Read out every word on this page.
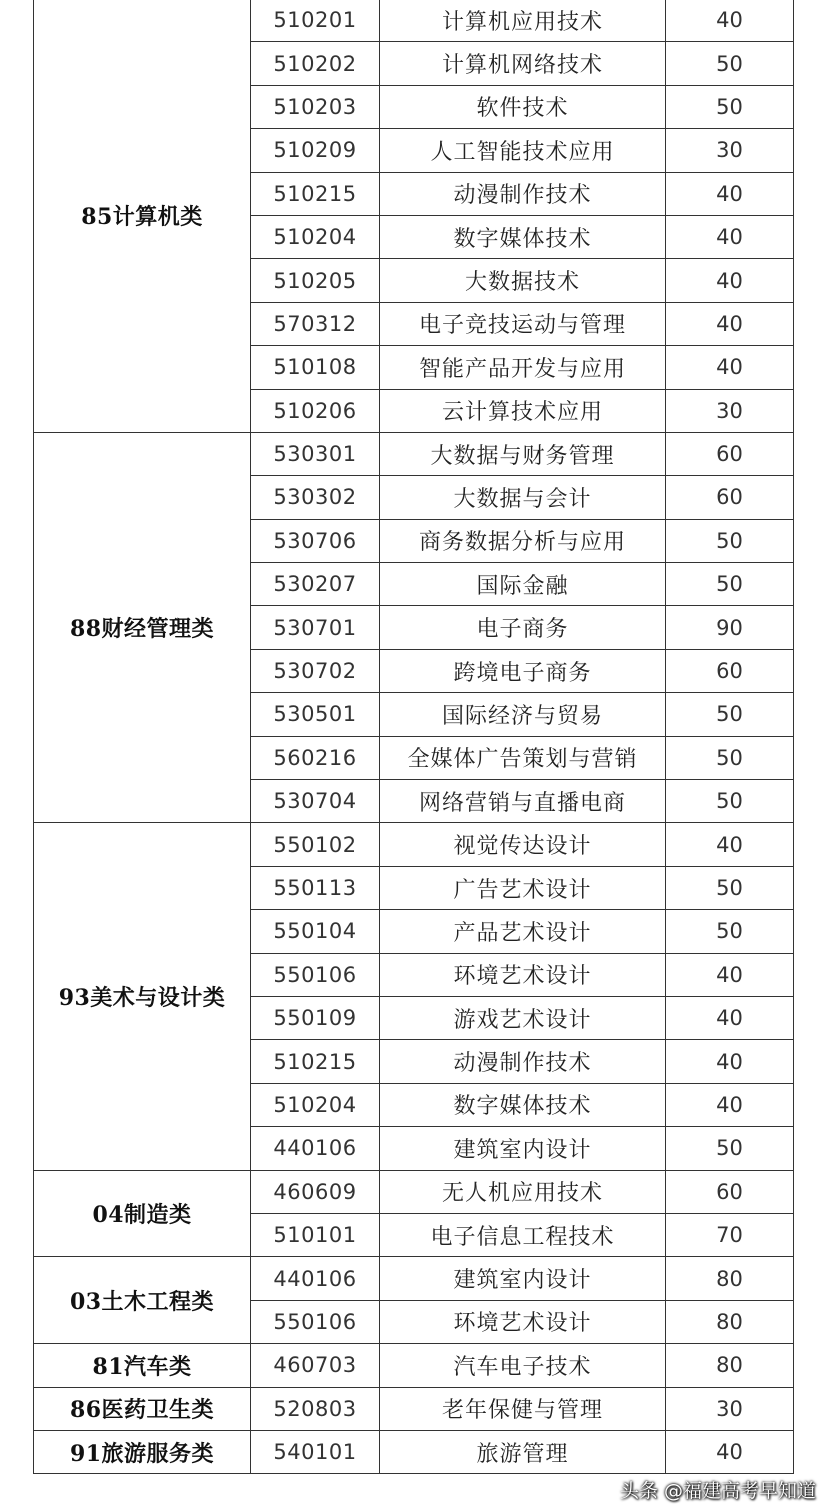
85计算机类	510201	计算机应用技术	40
	510202	计算机网络技术	50
	510203	软件技术	50
	510209	人工智能技术应用	30
	510215	动漫制作技术	40
	510204	数字媒体技术	40
	510205	大数据技术	40
	570312	电子竞技运动与管理	40
	510108	智能产品开发与应用	40
	510206	云计算技术应用	30
88财经管理类	530301	大数据与财务管理	60
	530302	大数据与会计	60
	530706	商务数据分析与应用	50
	530207	国际金融	50
	530701	电子商务	90
	530702	跨境电子商务	60
	530501	国际经济与贸易	50
	560216	全媒体广告策划与营销	50
	530704	网络营销与直播电商	50
93美术与设计类	550102	视觉传达设计	40
	550113	广告艺术设计	50
	550104	产品艺术设计	50
	550106	环境艺术设计	40
	550109	游戏艺术设计	40
	510215	动漫制作技术	40
	510204	数字媒体技术	40
	440106	建筑室内设计	50
04制造类	460609	无人机应用技术	60
	510101	电子信息工程技术	70
03土木工程类	440106	建筑室内设计	80
	550106	环境艺术设计	80
81汽车类	460703	汽车电子技术	80
86医药卫生类	520803	老年保健与管理	30
91旅游服务类	540101	旅游管理	40
头条 @福建高考早知道
